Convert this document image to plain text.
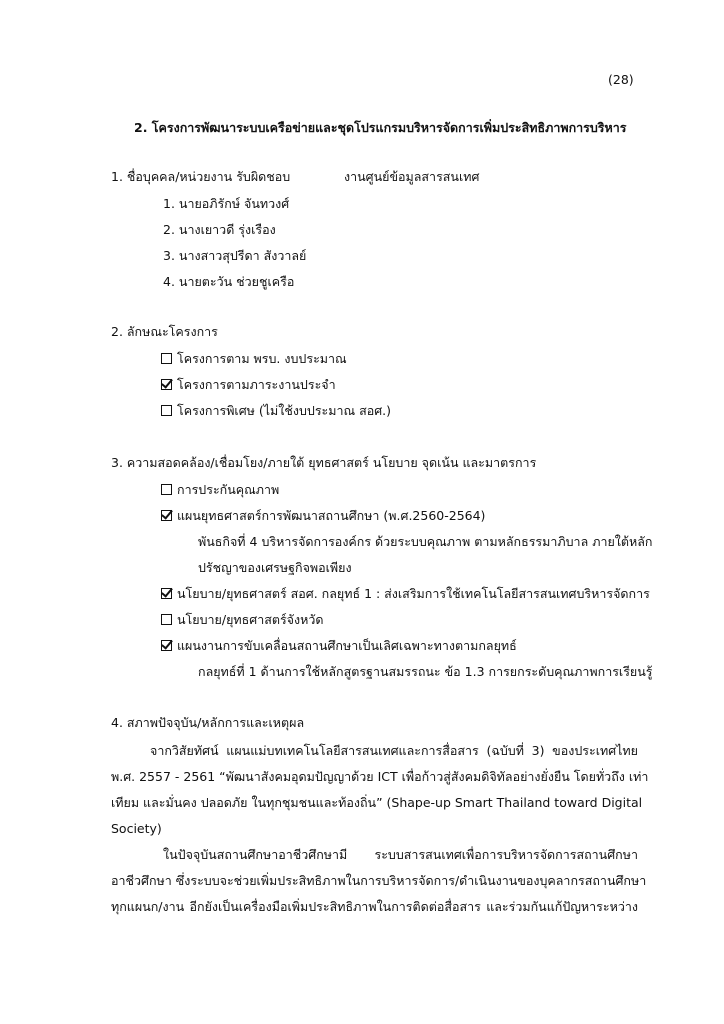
(28)
2. โครงการพัฒนาระบบเครือข่ายและชุดโปรแกรมบริหารจัดการเพิ่มประสิทธิภาพการบริหาร
1. ชื่อบุคคล/หน่วยงาน รับผิดชอบ	งานศูนย์ข้อมูลสารสนเทศ
1. นายอภิรักษ์ จันทวงศ์
2. นางเยาวดี รุ่งเรือง
3. นางสาวสุปรีดา สังวาลย์
4. นายตะวัน ช่วยชูเครือ
2. ลักษณะโครงการ
โครงการตาม พรบ. งบประมาณ
โครงการตามภาระงานประจำ
โครงการพิเศษ (ไม่ใช้งบประมาณ สอศ.)
3. ความสอดคล้อง/เชื่อมโยง/ภายใต้ ยุทธศาสตร์ นโยบาย จุดเน้น และมาตรการ
การประกันคุณภาพ
แผนยุทธศาสตร์การพัฒนาสถานศึกษา (พ.ศ.2560-2564)
พันธกิจที่ 4 บริหารจัดการองค์กร ด้วยระบบคุณภาพ ตามหลักธรรมาภิบาล ภายใต้หลัก
ปรัชญาของเศรษฐกิจพอเพียง
นโยบาย/ยุทธศาสตร์ สอศ. กลยุทธ์ 1 : ส่งเสริมการใช้เทคโนโลยีสารสนเทศบริหารจัดการ
นโยบาย/ยุทธศาสตร์จังหวัด
แผนงานการขับเคลื่อนสถานศึกษาเป็นเลิศเฉพาะทางตามกลยุทธ์
กลยุทธ์ที่ 1 ด้านการใช้หลักสูตรฐานสมรรถนะ ข้อ 1.3 การยกระดับคุณภาพการเรียนรู้
4. สภาพปัจจุบัน/หลักการและเหตุผล
จากวิสัยทัศน์ แผนแม่บทเทคโนโลยีสารสนเทศและการสื่อสาร (ฉบับที่ 3) ของประเทศไทย
พ.ศ. 2557 - 2561 “พัฒนาสังคมอุดมปัญญาด้วย ICT เพื่อก้าวสู่สังคมดิจิทัลอย่างยั่งยืน โดยทั่วถึง เท่า
เทียม และมั่นคง ปลอดภัย ในทุกชุมชนและท้องถิ่น” (Shape-up Smart Thailand toward Digital
Society)
ในปัจจุบันสถานศึกษาอาชีวศึกษามี ระบบสารสนเทศเพื่อการบริหารจัดการสถานศึกษา
อาชีวศึกษา ซึ่งระบบจะช่วยเพิ่มประสิทธิภาพในการบริหารจัดการ/ดำเนินงานของบุคลากรสถานศึกษา
ทุกแผนก/งาน อีกยังเป็นเครื่องมือเพิ่มประสิทธิภาพในการติดต่อสื่อสาร และร่วมกันแก้ปัญหาระหว่าง
